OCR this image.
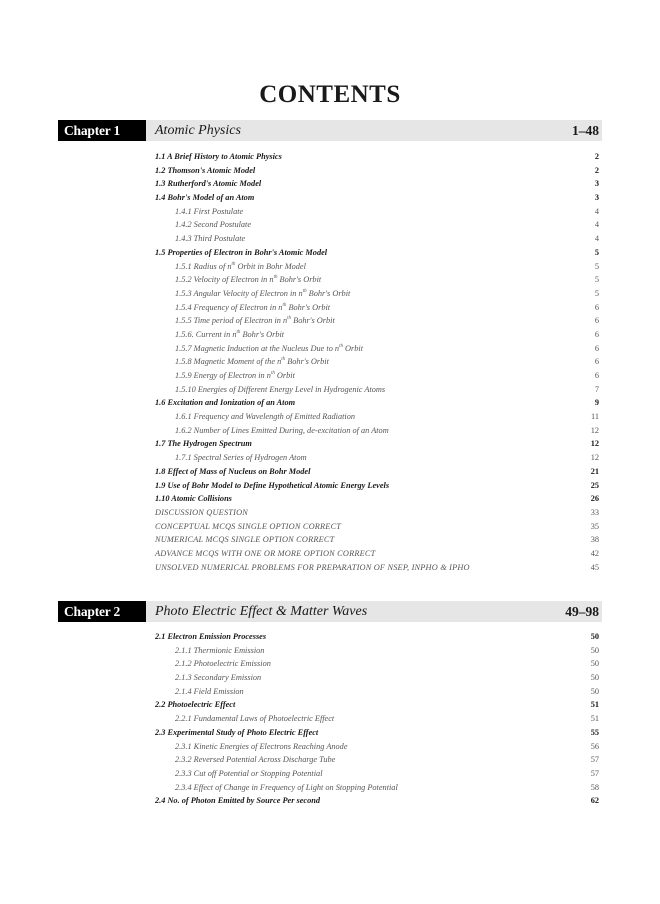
CONTENTS
Chapter 1	Atomic Physics	1–48
1.1 A Brief History to Atomic Physics	2
1.2 Thomson's Atomic Model	2
1.3 Rutherford's Atomic Model	3
1.4 Bohr's Model of an Atom	3
1.4.1 First Postulate	4
1.4.2 Second Postulate	4
1.4.3 Third Postulate	4
1.5 Properties of Electron in Bohr's Atomic Model	5
1.5.1 Radius of $n^{th}$ Orbit in Bohr Model	5
1.5.2 Velocity of Electron in $n^{th}$ Bohr's Orbit	5
1.5.3 Angular Velocity of Electron in $n^{th}$ Bohr's Orbit	5
1.5.4 Frequency of Electron in $n^{th}$ Bohr's Orbit	6
1.5.5 Time period of Electron in $n^{th}$ Bohr's Orbit	6
1.5.6. Current in $n^{th}$ Bohr's Orbit	6
1.5.7 Magnetic Induction at the Nucleus Due to $n^{th}$ Orbit	6
1.5.8 Magnetic Moment of the $n^{th}$ Bohr's Orbit	6
1.5.9 Energy of Electron in $n^{th}$ Orbit	6
1.5.10 Energies of Different Energy Level in Hydrogenic Atoms	7
1.6 Excitation and Ionization of an Atom	9
1.6.1 Frequency and Wavelength of Emitted Radiation	11
1.6.2 Number of Lines Emitted During, de-excitation of an Atom	12
1.7 The Hydrogen Spectrum	12
1.7.1 Spectral Series of Hydrogen Atom	12
1.8 Effect of Mass of Nucleus on Bohr Model	21
1.9 Use of Bohr Model to Define Hypothetical Atomic Energy Levels	25
1.10 Atomic Collisions	26
DISCUSSION QUESTION	33
CONCEPTUAL MCQS SINGLE OPTION CORRECT	35
NUMERICAL MCQS SINGLE OPTION CORRECT	38
ADVANCE MCQS WITH ONE OR MORE OPTION CORRECT	42
UNSOLVED NUMERICAL PROBLEMS FOR PREPARATION OF NSEP, INPHO & IPHO	45
Chapter 2	Photo Electric Effect & Matter Waves	49–98
2.1 Electron Emission Processes	50
2.1.1 Thermionic Emission	50
2.1.2 Photoelectric Emission	50
2.1.3 Secondary Emission	50
2.1.4 Field Emission	50
2.2 Photoelectric Effect	51
2.2.1 Fundamental Laws of Photoelectric Effect	51
2.3 Experimental Study of Photo Electric Effect	55
2.3.1 Kinetic Energies of Electrons Reaching Anode	56
2.3.2 Reversed Potential Across Discharge Tube	57
2.3.3 Cut off Potential or Stopping Potential	57
2.3.4 Effect of Change in Frequency of Light on Stopping Potential	58
2.4 No. of Photon Emitted by Source Per second	62
